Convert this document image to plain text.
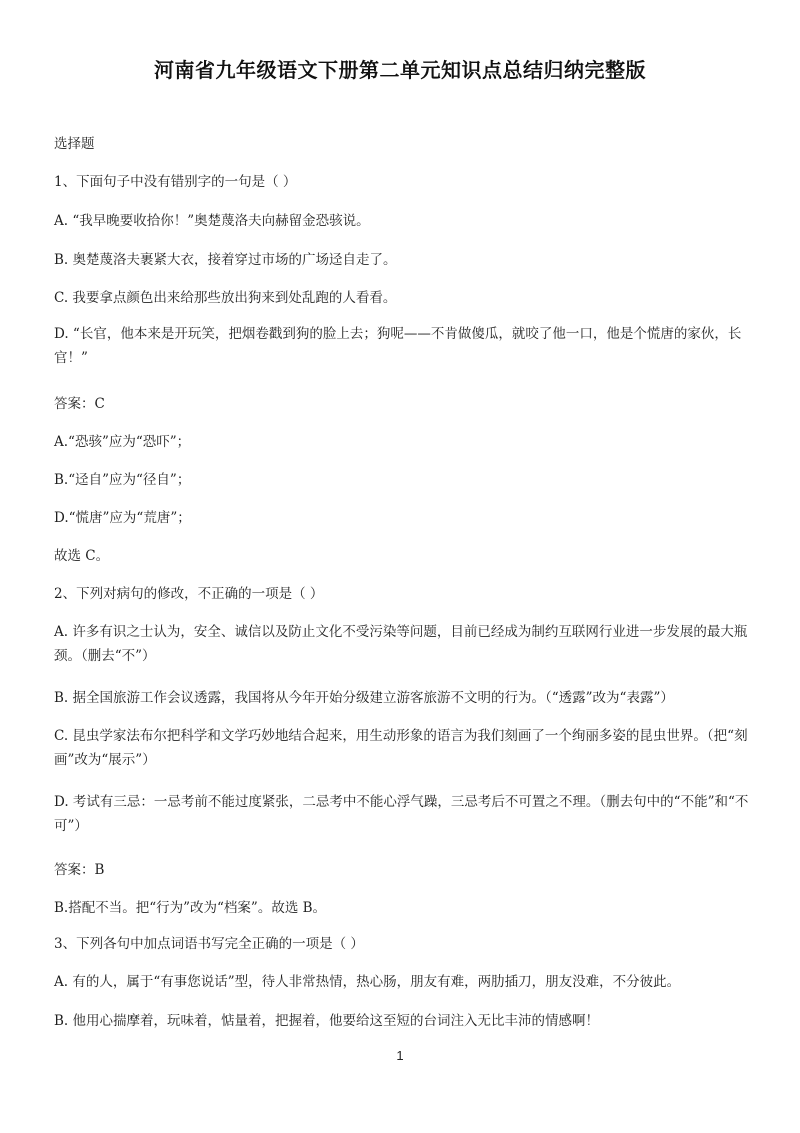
河南省九年级语文下册第二单元知识点总结归纳完整版
选择题
1、下面句子中没有错别字的一句是（ ）
A. “我早晚要收拾你！”奥楚蔑洛夫向赫留金恐骇说。
B. 奥楚蔑洛夫裹紧大衣，接着穿过市场的广场迳自走了。
C. 我要拿点颜色出来给那些放出狗来到处乱跑的人看看。
D. “长官，他本来是开玩笑，把烟卷戳到狗的脸上去；狗呢——不肯做傻瓜，就咬了他一口，他是个慌唐的家伙，长官！”
答案：C
A.“恐骇”应为“恐吓”；
B.“迳自”应为“径自”；
D.“慌唐”应为“荒唐”；
故选 C。
2、下列对病句的修改，不正确的一项是（ ）
A. 许多有识之士认为，安全、诚信以及防止文化不受污染等问题，目前已经成为制约互联网行业进一步发展的最大瓶颈。（删去“不”）
B. 据全国旅游工作会议透露，我国将从今年开始分级建立游客旅游不文明的行为。（“透露”改为“表露”）
C. 昆虫学家法布尔把科学和文学巧妙地结合起来，用生动形象的语言为我们刻画了一个绚丽多姿的昆虫世界。（把“刻画”改为“展示”）
D. 考试有三忌：一忌考前不能过度紧张，二忌考中不能心浮气躁，三忌考后不可置之不理。（删去句中的“不能”和“不可”）
答案：B
B.搭配不当。把“行为”改为“档案”。故选 B。
3、下列各句中加点词语书写完全正确的一项是（ ）
A. 有的人，属于“有事您说话”型，待人非常热情，热心肠，朋友有难，两肋插刀，朋友没难，不分彼此。
B. 他用心揣摩着，玩味着，惦量着，把握着，他要给这至短的台词注入无比丰沛的情感啊！
1
